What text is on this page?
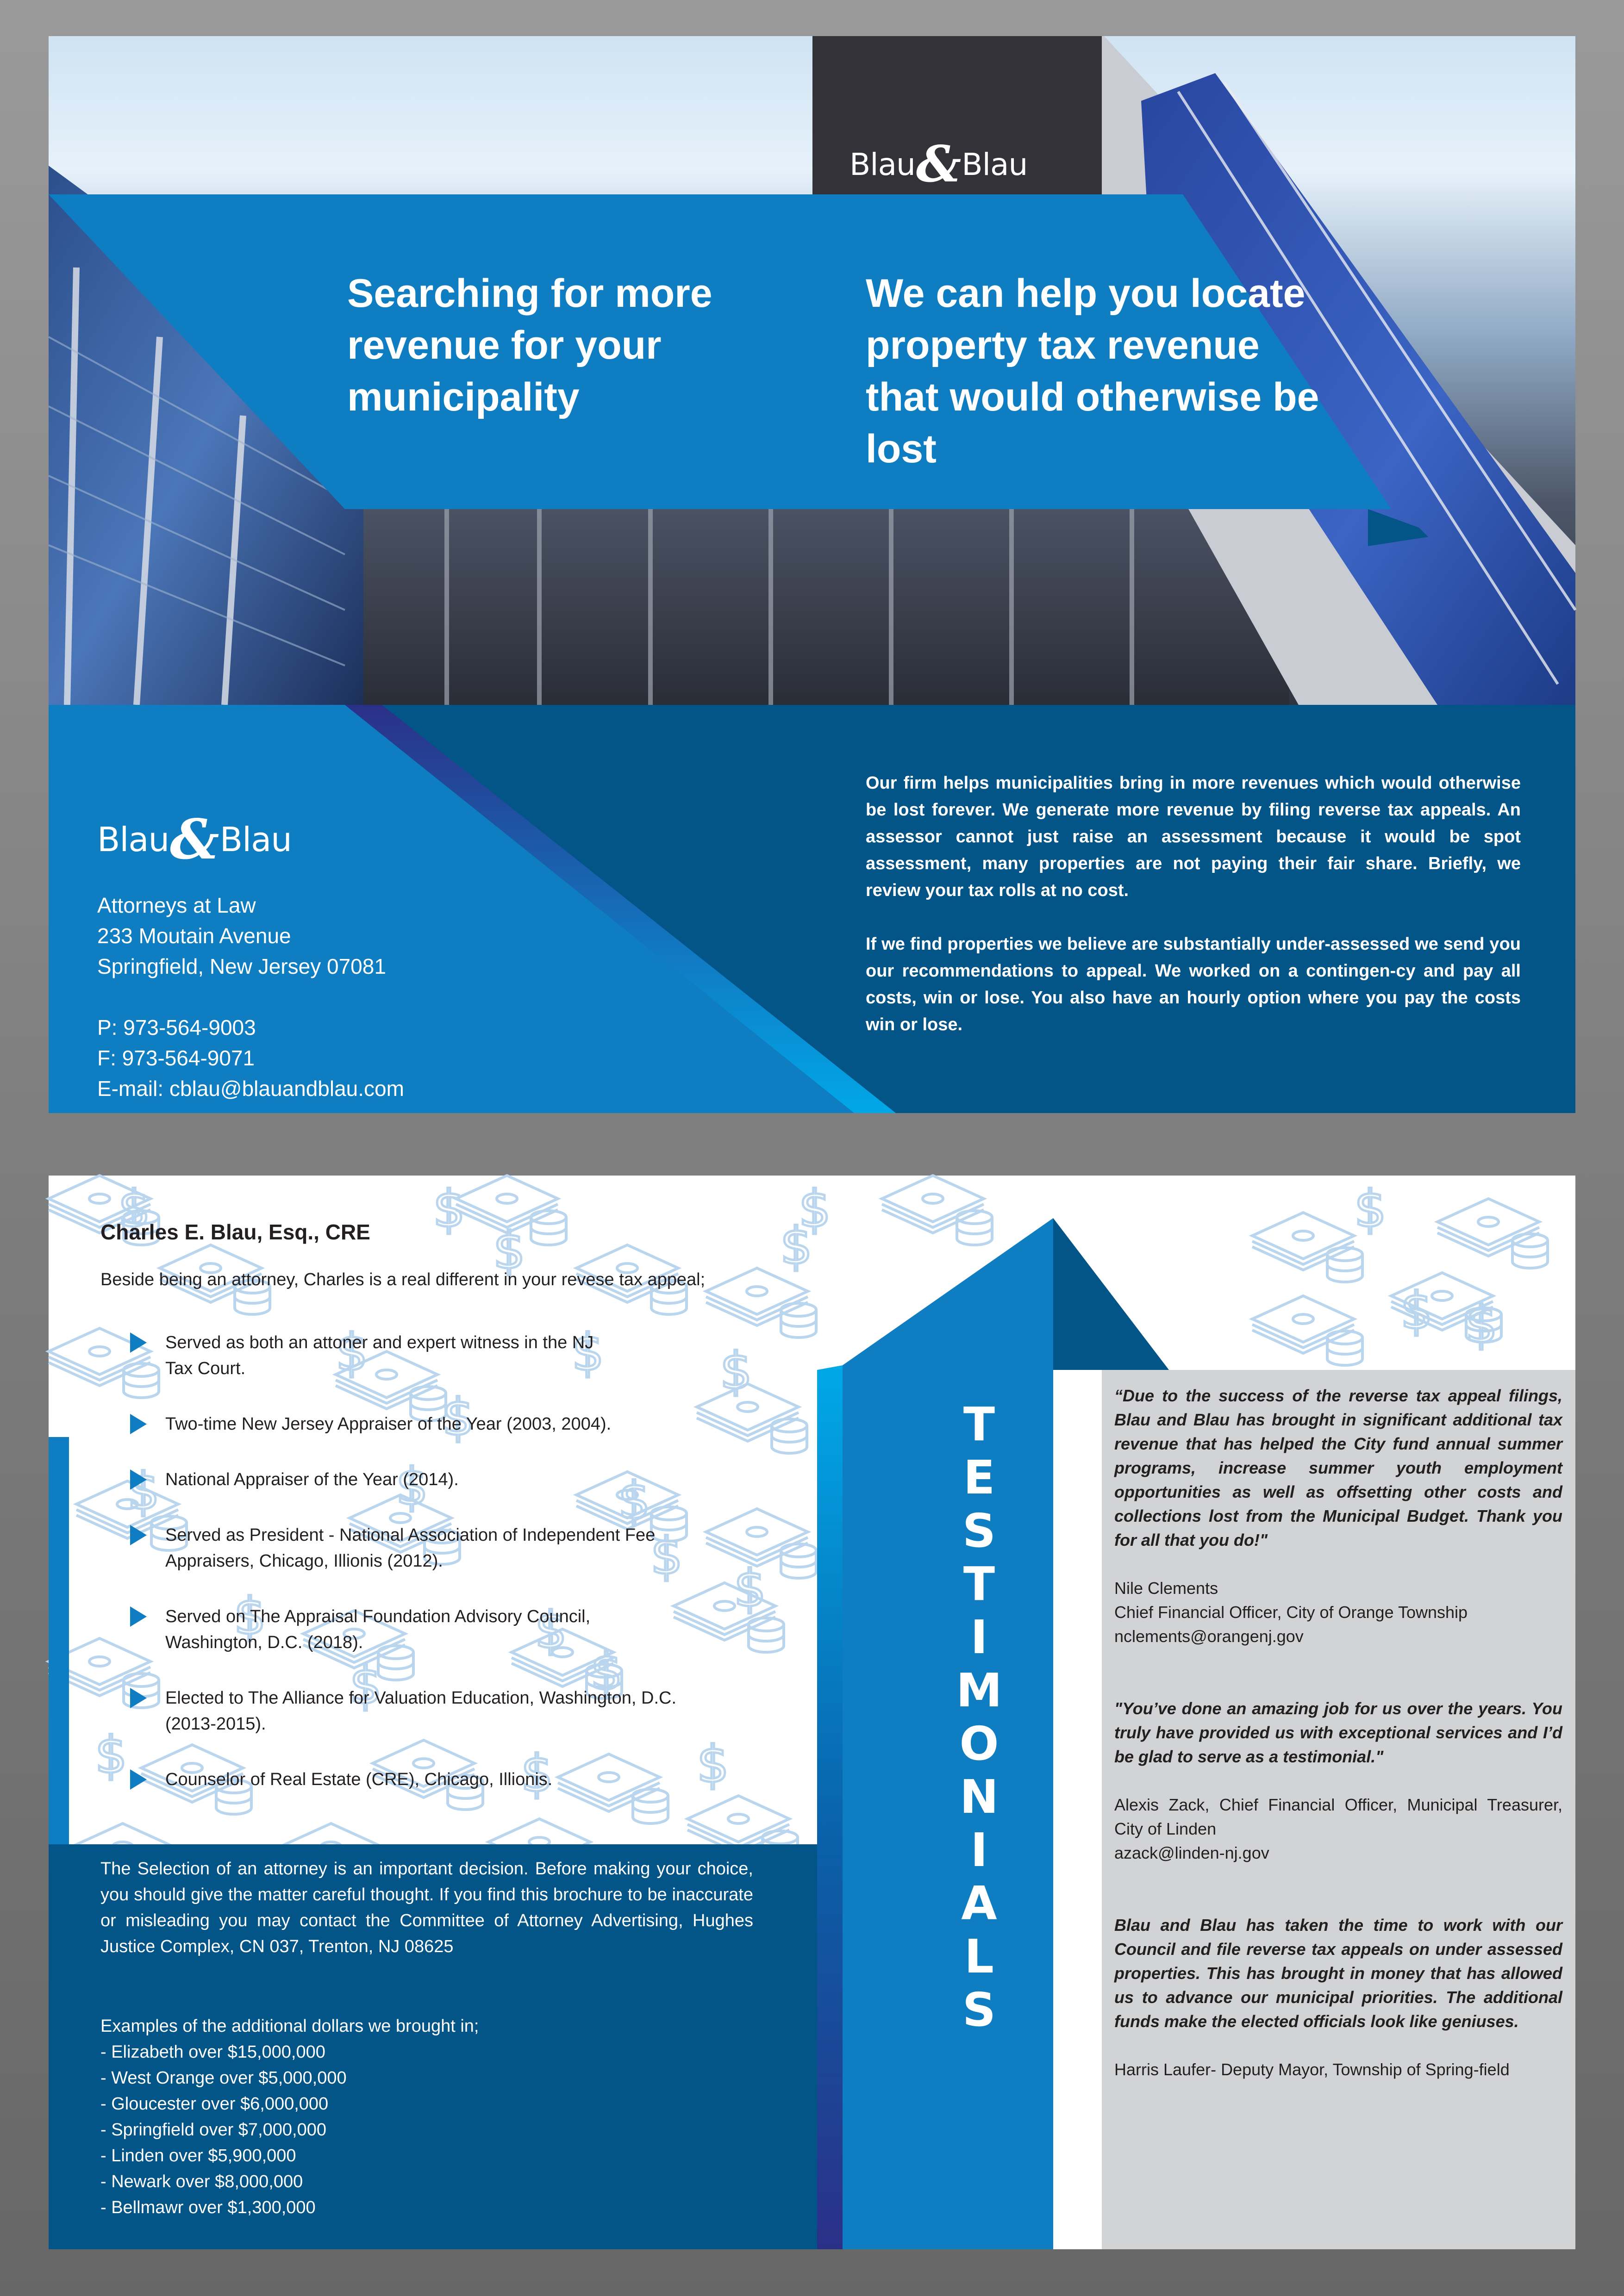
Blau&Blau
Searching for more revenue for your municipality
We can help you locate property tax revenue that would otherwise be lost
Blau&Blau
Attorneys at Law
233 Moutain Avenue
Springfield, New Jersey 07081
P: 973-564-9003
F: 973-564-9071
E-mail: cblau@blauandblau.com

Our firm helps municipalities bring in more revenues which would otherwise be lost forever. We generate more revenue by filing reverse tax appeals. An assessor cannot just raise an assessment because it would be spot assessment, many properties are not paying their fair share. Briefly, we review your tax rolls at no cost.

If we find properties we believe are substantially under-assessed we send you our recommendations to appeal. We worked on a contingen-cy and pay all costs, win or lose. You also have an hourly option where you pay the costs win or lose.

$
Charles E. Blau, Esq., CRE
Beside being an attorney, Charles is a real different in your revese tax appeal;
Served as both an attoner and expert witness in the NJ
Tax Court.
Two-time New Jersey Appraiser of the Year (2003, 2004).
National Appraiser of the Year (2014).
Served as President - National Association of Independent Fee
Appraisers, Chicago, Illionis (2012).
Served on The Appraisal Foundation Advisory Council,
Washington, D.C. (2018).
Elected to The Alliance for Valuation Education, Washington, D.C.
(2013-2015).
Counselor of Real Estate (CRE), Chicago, Illionis.
The Selection of an attorney is an important decision. Before making your choice, you should give the matter careful thought. If you find this brochure to be inaccurate or misleading you may contact the Committee of Attorney Advertising, Hughes Justice Complex, CN 037, Trenton, NJ 08625
Examples of the additional dollars we brought in;
- Elizabeth over $15,000,000
- West Orange over $5,000,000
- Gloucester over $6,000,000
- Springfield over $7,000,000
- Linden over $5,900,000
- Newark over $8,000,000
- Bellmawr over $1,300,000
T
E
S
T
I
M
O
N
I
A
L
S
“Due to the success of the reverse tax appeal filings, Blau and Blau has brought in significant additional tax revenue that has helped the City fund annual summer programs, increase summer youth employment opportunities as well as offsetting other costs and collections lost from the Municipal Budget. Thank you for all that you do!"
Nile Clements
Chief Financial Officer, City of Orange Township
nclements@orangenj.gov
"You’ve done an amazing job for us over the years. You truly have provided us with exceptional services and I’d be glad to serve as a testimonial."
Alexis Zack, Chief Financial Officer, Municipal Treasurer, City of Linden
azack@linden-nj.gov
Blau and Blau has taken the time to work with our Council and file reverse tax appeals on under assessed properties. This has brought in money that has allowed us to advance our municipal priorities. The additional funds make the elected officials look like geniuses.
Harris Laufer- Deputy Mayor, Township of Spring-field
